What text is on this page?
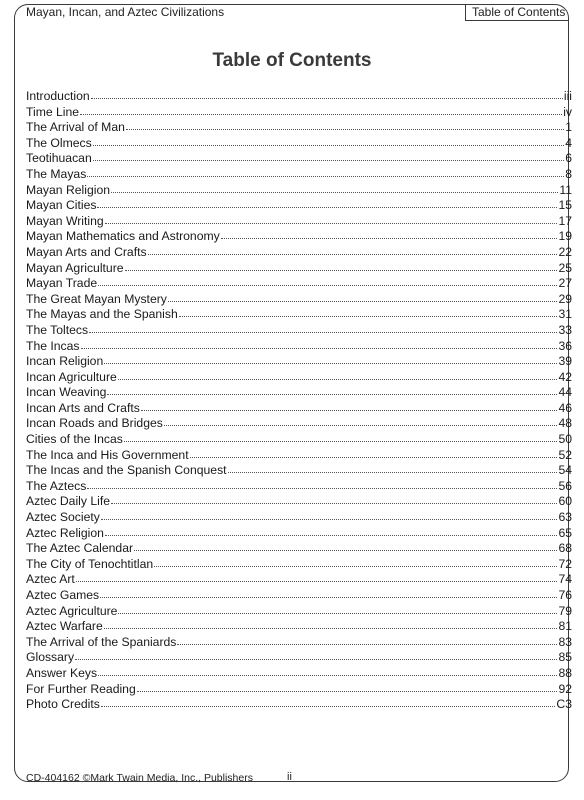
Mayan, Incan, and Aztec Civilizations	Table of Contents
Table of Contents
Introduction	iii
Time Line	iv
The Arrival of Man	1
The Olmecs	4
Teotihuacan	6
The Mayas	8
Mayan Religion	11
Mayan Cities	15
Mayan Writing	17
Mayan Mathematics and Astronomy	19
Mayan Arts and Crafts	22
Mayan Agriculture	25
Mayan Trade	27
The Great Mayan Mystery	29
The Mayas and the Spanish	31
The Toltecs	33
The Incas	36
Incan Religion	39
Incan Agriculture	42
Incan Weaving	44
Incan Arts and Crafts	46
Incan Roads and Bridges	48
Cities of the Incas	50
The Inca and His Government	52
The Incas and the Spanish Conquest	54
The Aztecs	56
Aztec Daily Life	60
Aztec Society	63
Aztec Religion	65
The Aztec Calendar	68
The City of Tenochtitlan	72
Aztec Art	74
Aztec Games	76
Aztec Agriculture	79
Aztec Warfare	81
The Arrival of the Spaniards	83
Glossary	85
Answer Keys	88
For Further Reading	92
Photo Credits	C3
CD-404162 ©Mark Twain Media, Inc., Publishers	ii
